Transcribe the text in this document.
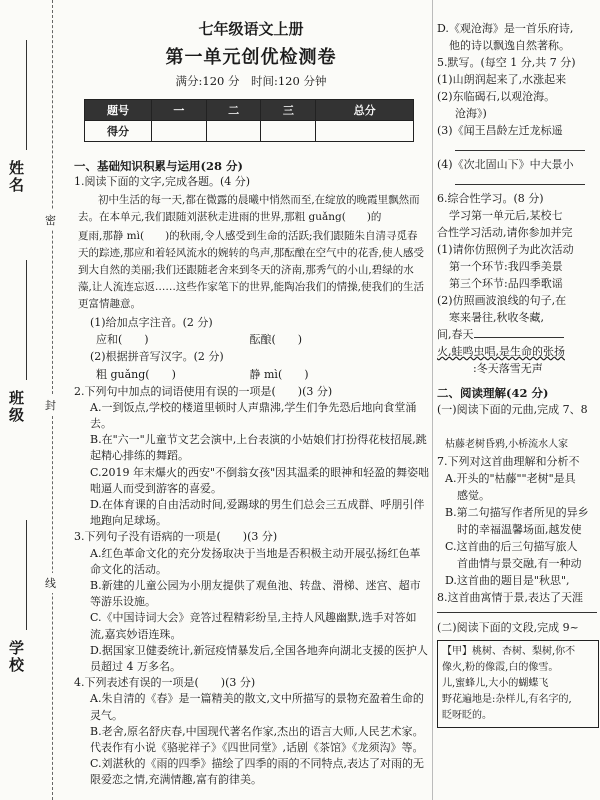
姓名
班级
学校
密
封
线
七年级语文上册
第一单元创优检测卷
满分:120 分　时间:120 分钟
题号	一	二	三	总分
得分				
一、基础知识积累与运用(28 分)

1.阅读下面的文字,完成各题。(4 分)

初中生活的每一天,都在微露的晨曦中悄然而至,在绽放的晚霞里飘然而去。在本单元,我们跟随刘湛秋走进雨的世界,那粗 guǎng(　　)的

夏雨,那静 mì(　　)的秋雨,令人感受到生命的活跃;我们跟随朱自清寻觅春天的踪迹,那应和着轻风流水的婉转的鸟声,那酝酿在空气中的花香,使人感受到大自然的美丽;我们还跟随老舍来到冬天的济南,那秀气的小山,碧绿的水藻,让人流连忘返……这些作家笔下的世界,能陶冶我们的情操,使我们的生活更富情趣意。

(1)给加点字注音。(2 分)

应和(　　)	酝酿(　　)

(2)根据拼音写汉字。(2 分)

粗 guǎng(　　)	静 mì(　　)

2.下列句中加点的词语使用有误的一项是(　　)(3 分)

A.一到饭点,学校的楼道里顿时人声鼎沸,学生们争先恐后地向食堂涌去。

B.在"六一"儿童节文艺会演中,上台表演的小姑娘们打扮得花枝招展,跳起精心排练的舞蹈。

C.2019 年末爆火的西安"不倒翁女孩"因其温柔的眼神和轻盈的舞姿咄咄逼人而受到游客的喜爱。

D.在体育课的自由活动时间,爱踢球的男生们总会三五成群、呼朋引伴地跑向足球场。

3.下列句子没有语病的一项是(　　)(3 分)

A.红色革命文化的充分发扬取决于当地是否积极主动开展弘扬红色革命文化的活动。

B.新建的儿童公园为小朋友提供了观鱼池、转盘、滑梯、迷宫、超市等游乐设施。

C.《中国诗词大会》竞答过程精彩纷呈,主持人风趣幽默,选手对答如流,嘉宾妙语连珠。

D.据国家卫健委统计,新冠疫情暴发后,全国各地奔向湖北支援的医护人员超过 4 万多名。

4.下列表述有误的一项是(　　)(3 分)

A.朱自清的《春》是一篇精美的散文,文中所描写的景物充盈着生命的灵气。

B.老舍,原名舒庆春,中国现代著名作家,杰出的语言大师,人民艺术家。代表作有小说《骆驼祥子》《四世同堂》,话剧《茶馆》《龙须沟》等。

C.刘湛秋的《雨的四季》描绘了四季的雨的不同特点,表达了对雨的无限爱恋之情,充满情趣,富有韵律美。

D.《观沧海》是一首乐府诗,

他的诗以飘逸自然著称。

5.默写。(每空 1 分,共 7 分)

(1)山朗润起来了,水涨起来

(2)东临碣石,以观沧海。

沧海》)

(3)《闻王昌龄左迁龙标遥

(4)《次北固山下》中大景小

6.综合性学习。(8 分)

学习第一单元后,某校七

合性学习活动,请你参加并完

(1)请你仿照例子为此次活动

第一个环节:我四季美景

第三个环节:品四季歌谣

(2)仿照画波浪线的句子,在

寒来暑往,秋收冬藏,

间,春天

火,蛙鸣虫唱,是生命的张扬

:冬天落雪无声

二、阅读理解(42 分)

(一)阅读下面的元曲,完成 7、8

枯藤老树昏鸦,小桥流水人家

7.下列对这首曲理解和分析不

A.开头的"枯藤""老树"是具

感觉。

B.第二句描写作者所见的异乡

时的幸福温馨场面,越发使

C.这首曲的后三句描写旅人

首曲情与景交融,有一种动

D.这首曲的题目是"秋思",

8.这首曲寓情于景,表达了天涯

(二)阅读下面的文段,完成 9~

【甲】桃树、杏树、梨树,你不
像火,粉的像霞,白的像雪。
儿,蜜蜂儿,大小的蝴蝶飞
野花遍地是:杂样儿,有名字的,
眨呀眨的。
